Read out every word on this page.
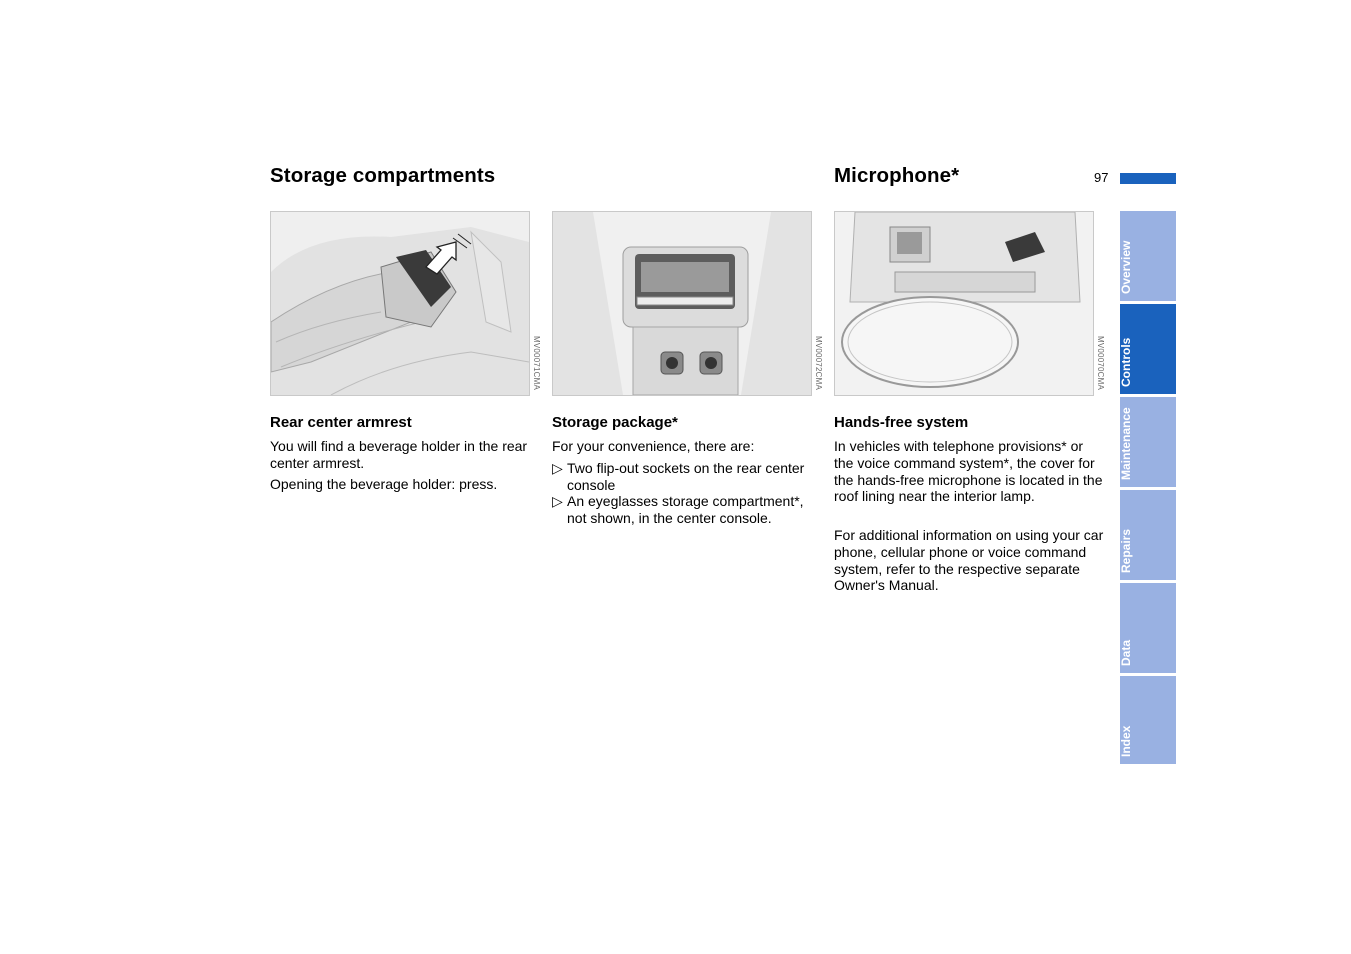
Storage compartments	Microphone*	97
MV00071CMA	MV00072CMA	MV00070CMA
Rear center armrest

You will find a beverage holder in the rear center armrest.

Opening the beverage holder: press.

Storage package*

For your convenience, there are:

▷ Two flip-out sockets on the rear center console
▷ An eyeglasses storage compartment*, not shown, in the center console.
Hands-free system

In vehicles with telephone provisions* or the voice command system*, the cover for the hands-free microphone is located in the roof lining near the interior lamp.

For additional information on using your car phone, cellular phone or voice command system, refer to the respective separate Owner's Manual.

Overview
Controls
Maintenance
Repairs
Data
Index
